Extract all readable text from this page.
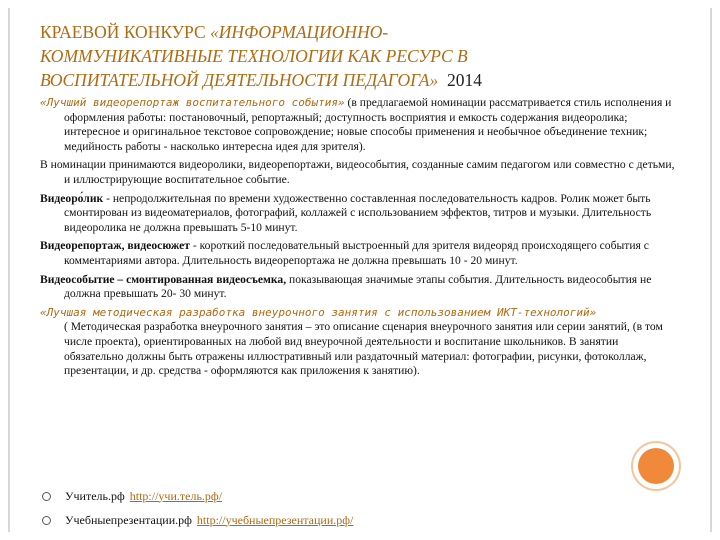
КРАЕВОЙ КОНКУРС «ИНФОРМАЦИОННО-
КОММУНИКАТИВНЫЕ ТЕХНОЛОГИИ КАК РЕСУРС В
ВОСПИТАТЕЛЬНОЙ ДЕЯТЕЛЬНОСТИ ПЕДАГОГА» 2014

«Лучший видеорепортаж воспитательного события» (в предлагаемой номинации рассматривается стиль исполнения и оформления работы: постановочный, репортажный; доступность восприятия и емкость содержания видеоролика; интересное и оригинальное текстовое сопровождение; новые способы применения и необычное объединение техник; медийность работы - насколько интересна идея для зрителя).

В номинации принимаются видеоролики, видеорепортажи, видеособытия, созданные самим педагогом или совместно с детьми, и иллюстрирующие воспитательное событие.

Видеоро́лик - непродолжительная по времени художественно составленная последовательность кадров. Ролик может быть смонтирован из видеоматериалов, фотографий, коллажей с использованием эффектов, титров и музыки. Длительность видеоролика не должна превышать 5-10 минут.

Видеорепортаж, видеосюжет - короткий последовательный выстроенный для зрителя видеоряд происходящего события с комментариями автора. Длительность видеорепортажа не должна превышать 10 - 20 минут.

Видеособытие – смонтированная видеосъемка, показывающая значимые этапы события. Длительность видеособытия не должна превышать 20- 30 минут.

«Лучшая методическая разработка внеурочного занятия с использованием ИКТ-технологий»
( Методическая разработка внеурочного занятия – это описание сценария внеурочного занятия или серии занятий, (в том числе проекта), ориентированных на любой вид внеурочной деятельности и воспитание школьников. В занятии обязательно должны быть отражены иллюстративный или раздаточный материал: фотографии, рисунки, фотоколлаж, презентации, и др. средства - оформляются как приложения к занятию).

Учитель.рф http://учи.тель.рф/
Учебныепрезентации.рф http://учебныепрезентации.рф/
